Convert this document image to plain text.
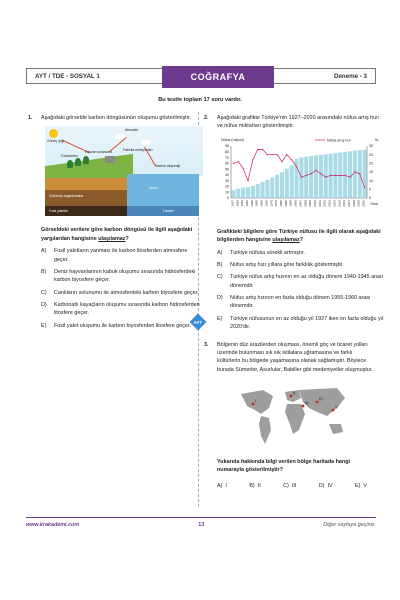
AYT / TDE - SOSYAL 1	COĞRAFYA	Deneme - 3
Bu testte toplam 17 soru vardır.
AYT
1.	Aşağıdaki görselde karbon döngüsünün oluşumu gösterilmiştir.
Güneş ışığı
Atmosfer
Fabrika emisyonları
Hayvan solunumu
Fotosentez
Karbon alışverişi
Çürümüş organizmalar
Fosil yakıtlar
Deniz
Litosfer
Görseldeki verilere göre karbon döngüsü ile ilgili aşağıdaki yargılardan hangisine ulaşılamaz?
A)	Fosil yakıtların yanması ile karbon litosferden atmosfere geçer.
B)	Deniz hayvanlarının kabuk oluşumu sırasında hidrosferdeki karbon biyosfere geçer.
C)	Canlıların solunumu ile atmosferdeki karbon biyosfere geçer.
D)	Karbonatlı kayaçların oluşumu sırasında karbon hidrosferden litosfere geçer.
E)	Fosil yakıt oluşumu ile karbon biyosferden litosfere geçer.
2.	Aşağıdaki grafikte Türkiye'nin 1927–2020 arasındaki nüfus artış hızı ve nüfus miktarları gösterilmiştir.
0
10
20
30
40
50
60
70
80
90
0
5
10
15
20
25
30
Nüfus (milyon)	‰
Yıllar
1927 1935 1940 1945 1950 1955 1960 1965 1970 1975 1980 1985 1990 2000 2007 2008 2009 2010 2011 2012 2013 2014 2015 2016 2017 2018 2019 2020
Nüfus artış hızı
Grafikteki bilgilere göre Türkiye nüfusu ile ilgili olarak aşağıdaki bilgilerden hangisine ulaşılamaz?
A)	Türkiye nüfusu sürekli artmıştır.
B)	Nüfus artış hızı yıllara göre farklılık göstermiştir.
C)	Türkiye nüfus artış hızının en az olduğu dönem 1940-1945 arası dönemdir.
D)	Nüfus artış hızının en fazla olduğu dönem 1955-1960 arası dönemdir.
E)	Türkiye nüfusunun en az olduğu yıl 1927 iken en fazla olduğu yıl 2020'dir.
3.	Bölgenin düz arazilerden oluşması, önemli göç ve ticaret yolları üzerinde bulunması sık sık istilalara uğramasına ve farklı kültürlerin bu bölgede yaşamasına olanak sağlamıştır. Böylece burada Sümerler, Asurlular, Babiller gibi medeniyetler oluşmuştur.
I
II
III
IV
V
Yukarıda hakkında bilgi verilen bölge haritada hangi numarayla gösterilmiştir?
A) I	B) II	C) III	D) IV	E) V
www.krakademi.com	13	Diğer sayfaya geçiniz.
